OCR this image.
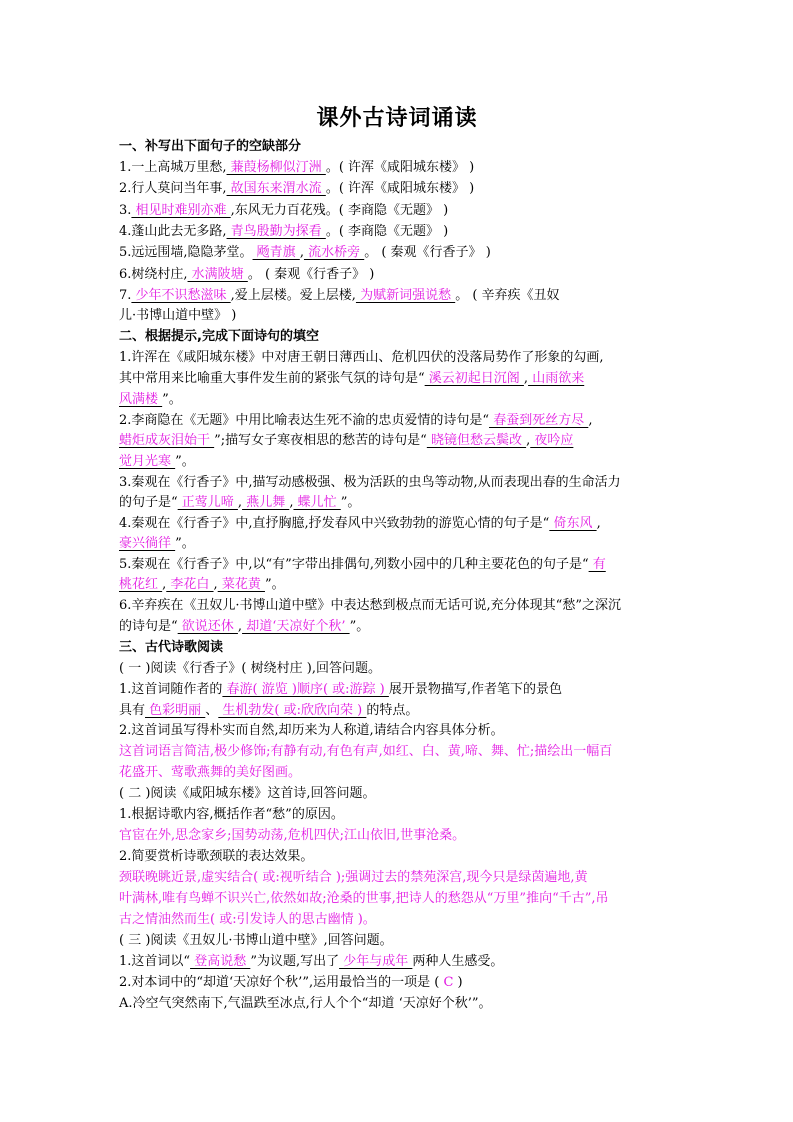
课外古诗词诵读
一、补写出下面句子的空缺部分
1.一上高城万里愁, 蒹葭杨柳似汀洲 。( 许浑《咸阳城东楼》 )
2.行人莫问当年事, 故国东来渭水流 。( 许浑《咸阳城东楼》 )
3. 相见时难别亦难 ,东风无力百花残。( 李商隐《无题》 )
4.蓬山此去无多路, 青鸟殷勤为探看 。( 李商隐《无题》 )
5.远远围墙,隐隐茅堂。 飏青旗 , 流水桥旁 。 ( 秦观《行香子》 )
6.树绕村庄, 水满陂塘 。 ( 秦观《行香子》 )
7. 少年不识愁滋味 ,爱上层楼。爱上层楼, 为赋新词强说愁 。 ( 辛弃疾《丑奴
儿·书博山道中壁》 )
二、根据提示,完成下面诗句的填空
1.许浑在《咸阳城东楼》中对唐王朝日薄西山、危机四伏的没落局势作了形象的勾画,
其中常用来比喻重大事件发生前的紧张气氛的诗句是“ 溪云初起日沉阁 , 山雨欲来
风满楼 ”。
2.李商隐在《无题》中用比喻表达生死不渝的忠贞爱情的诗句是“ 春蚕到死丝方尽 ,
蜡炬成灰泪始干 ”;描写女子寒夜相思的愁苦的诗句是“ 晓镜但愁云鬓改 , 夜吟应
觉月光寒 ”。
3.秦观在《行香子》中,描写动感极强、极为活跃的虫鸟等动物,从而表现出春的生命活力
的句子是“ 正莺儿啼 , 燕儿舞 , 蝶儿忙 ”。
4.秦观在《行香子》中,直抒胸臆,抒发春风中兴致勃勃的游览心情的句子是“ 倚东风 ,
豪兴徜徉 ”。
5.秦观在《行香子》中,以“有”字带出排偶句,列数小园中的几种主要花色的句子是“ 有
桃花红 , 李花白 , 菜花黄 ”。
6.辛弃疾在《丑奴儿·书博山道中壁》中表达愁到极点而无话可说,充分体现其“愁”之深沉
的诗句是“ 欲说还休 , 却道‘天凉好个秋’ ”。
三、古代诗歌阅读
( 一 )阅读《行香子》( 树绕村庄 ),回答问题。
1.这首词随作者的 春游( 游览 )顺序( 或:游踪 ) 展开景物描写,作者笔下的景色
具有 色彩明丽 、 生机勃发( 或:欣欣向荣 ) 的特点。
2.这首词虽写得朴实而自然,却历来为人称道,请结合内容具体分析。
这首词语言简洁,极少修饰;有静有动,有色有声,如红、白、黄,啼、舞、忙;描绘出一幅百
花盛开、莺歌燕舞的美好图画。
( 二 )阅读《咸阳城东楼》这首诗,回答问题。
1.根据诗歌内容,概括作者“愁”的原因。
官宦在外,思念家乡;国势动荡,危机四伏;江山依旧,世事沧桑。
2.简要赏析诗歌颈联的表达效果。
颈联晚眺近景,虚实结合( 或:视听结合 );强调过去的禁苑深宫,现今只是绿茵遍地,黄
叶满林,唯有鸟蝉不识兴亡,依然如故;沧桑的世事,把诗人的愁怨从“万里”推向“千古”,吊
古之情油然而生( 或:引发诗人的思古幽情 )。
( 三 )阅读《丑奴儿·书博山道中壁》,回答问题。
1.这首词以“ 登高说愁 ”为议题,写出了 少年与成年 两种人生感受。
2.对本词中的“却道‘天凉好个秋’”,运用最恰当的一项是 ( C )
A.冷空气突然南下,气温跌至冰点,行人个个“却道 ‘天凉好个秋’”。
